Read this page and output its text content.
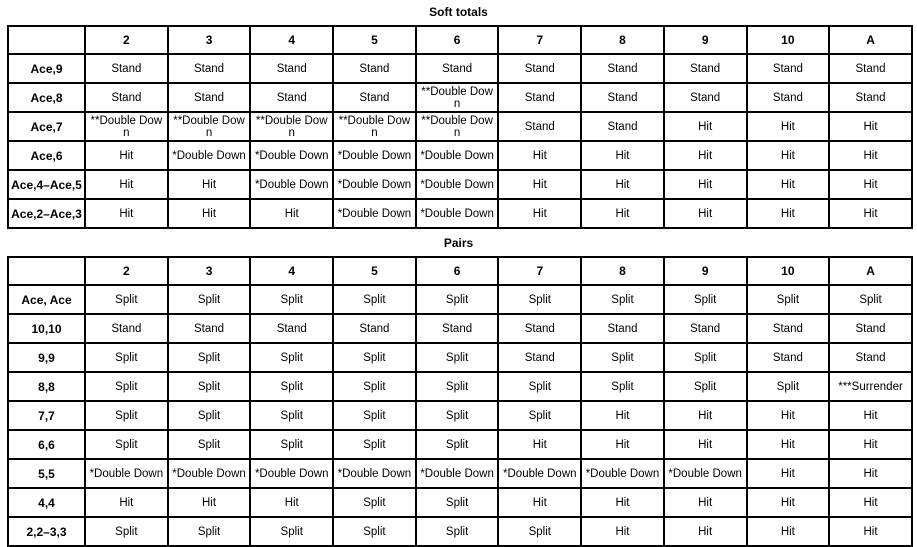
Soft totals
	2	3	4	5	6	7	8	9	10	A
Ace,9	Stand	Stand	Stand	Stand	Stand	Stand	Stand	Stand	Stand	Stand
Ace,8	Stand	Stand	Stand	Stand	**Double Down	Stand	Stand	Stand	Stand	Stand
Ace,7	**Double Down	**Double Down	**Double Down	**Double Down	**Double Down	Stand	Stand	Hit	Hit	Hit
Ace,6	Hit	*Double Down	*Double Down	*Double Down	*Double Down	Hit	Hit	Hit	Hit	Hit
Ace,4–Ace,5	Hit	Hit	*Double Down	*Double Down	*Double Down	Hit	Hit	Hit	Hit	Hit
Ace,2–Ace,3	Hit	Hit	Hit	*Double Down	*Double Down	Hit	Hit	Hit	Hit	Hit
Pairs
	2	3	4	5	6	7	8	9	10	A
Ace, Ace	Split	Split	Split	Split	Split	Split	Split	Split	Split	Split
10,10	Stand	Stand	Stand	Stand	Stand	Stand	Stand	Stand	Stand	Stand
9,9	Split	Split	Split	Split	Split	Stand	Split	Split	Stand	Stand
8,8	Split	Split	Split	Split	Split	Split	Split	Split	Split	***Surrender
7,7	Split	Split	Split	Split	Split	Split	Hit	Hit	Hit	Hit
6,6	Split	Split	Split	Split	Split	Hit	Hit	Hit	Hit	Hit
5,5	*Double Down	*Double Down	*Double Down	*Double Down	*Double Down	*Double Down	*Double Down	*Double Down	Hit	Hit
4,4	Hit	Hit	Hit	Split	Split	Hit	Hit	Hit	Hit	Hit
2,2–3,3	Split	Split	Split	Split	Split	Split	Hit	Hit	Hit	Hit
